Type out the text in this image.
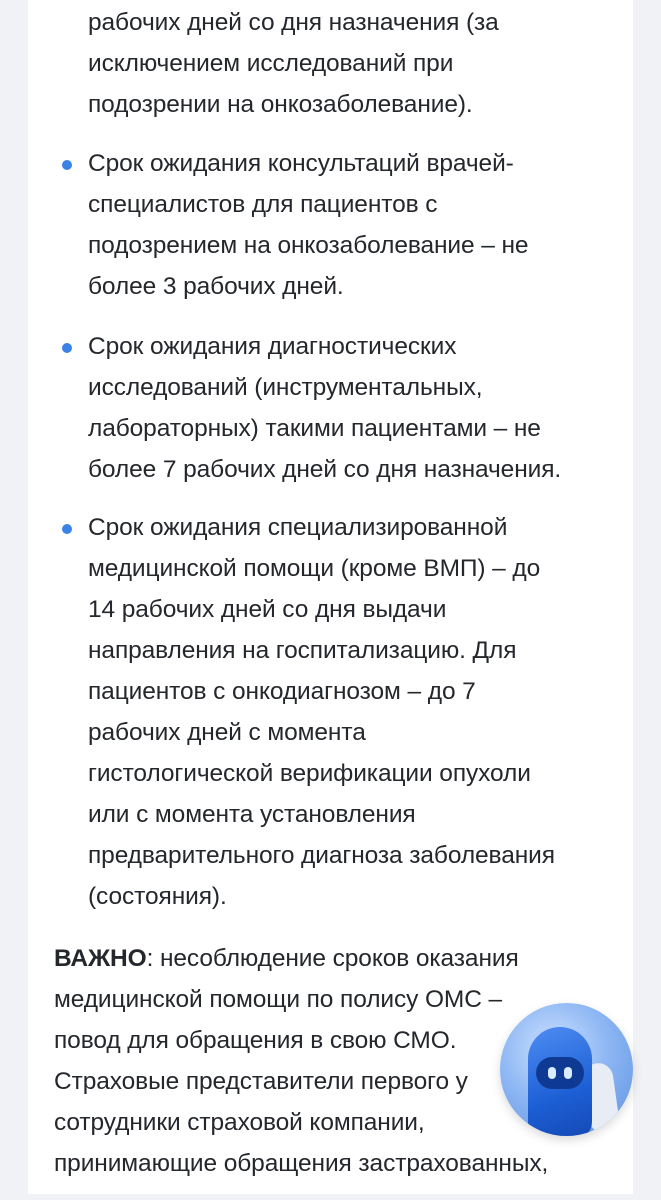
рабочих дней со дня назначения (за
исключением исследований при
подозрении на онкозаболевание).
Срок ожидания консультаций врачей-
специалистов для пациентов с
подозрением на онкозаболевание – не
более 3 рабочих дней.
Срок ожидания диагностических
исследований (инструментальных,
лабораторных) такими пациентами – не
более 7 рабочих дней со дня назначения.
Срок ожидания специализированной
медицинской помощи (кроме ВМП) – до
14 рабочих дней со дня выдачи
направления на госпитализацию. Для
пациентов с онкодиагнозом – до 7
рабочих дней с момента
гистологической верификации опухоли
или с момента установления
предварительного диагноза заболевания
(состояния).
ВАЖНО: несоблюдение сроков оказания
медицинской помощи по полису ОМС –
повод для обращения в свою СМО.
Страховые представители первого у
сотрудники страховой компании,
принимающие обращения застрахованных,
